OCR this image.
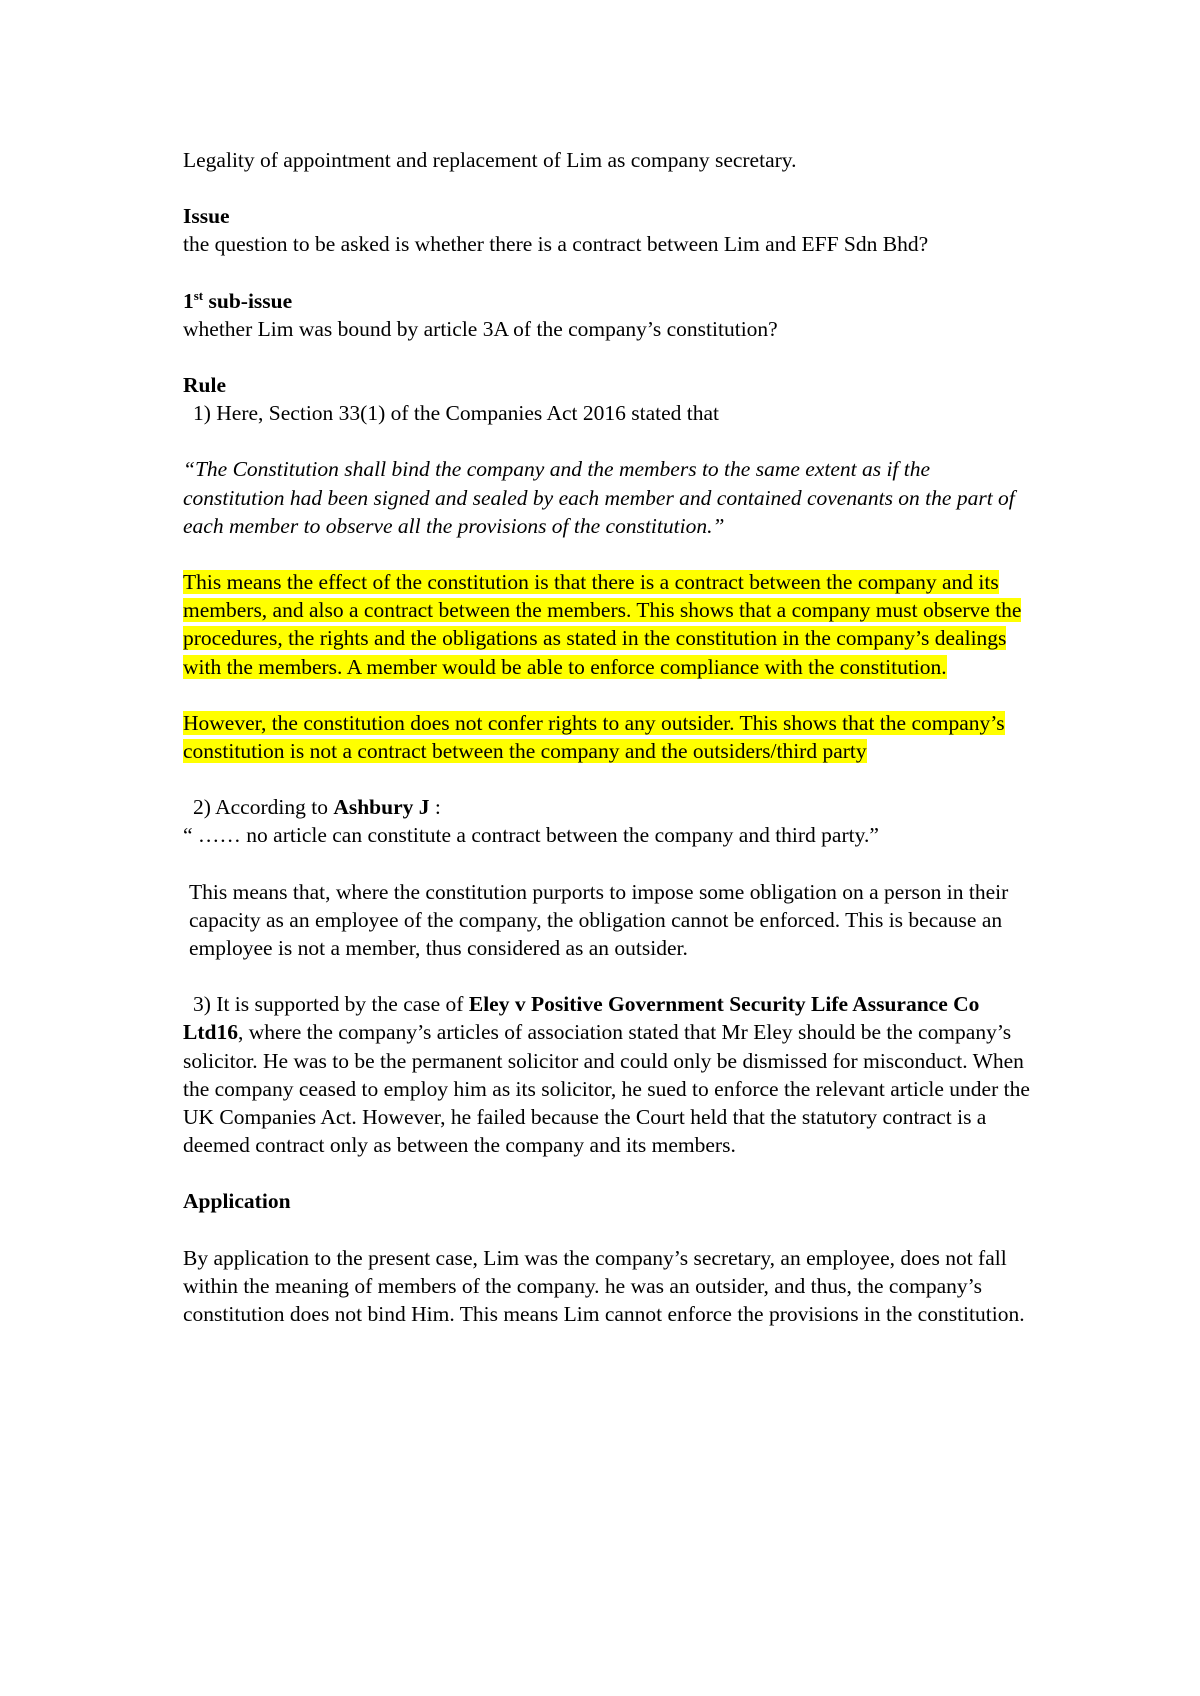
Legality of appointment and replacement of Lim as company secretary.

Issue

the question to be asked is whether there is a contract between Lim and EFF Sdn Bhd?

1st sub-issue

whether Lim was bound by article 3A of the company’s constitution?

Rule

1) Here, Section 33(1) of the Companies Act 2016 stated that

“The Constitution shall bind the company and the members to the same extent as if the constitution had been signed and sealed by each member and contained covenants on the part of each member to observe all the provisions of the constitution.”

This means the effect of the constitution is that there is a contract between the company and its members, and also a contract between the members. This shows that a company must observe the procedures, the rights and the obligations as stated in the constitution in the company’s dealings with the members. A member would be able to enforce compliance with the constitution.

However, the constitution does not confer rights to any outsider. This shows that the company’s constitution is not a contract between the company and the outsiders/third party

2) According to Ashbury J :

“ …… no article can constitute a contract between the company and third party.”

This means that, where the constitution purports to impose some obligation on a person in their capacity as an employee of the company, the obligation cannot be enforced. This is because an employee is not a member, thus considered as an outsider.

3) It is supported by the case of Eley v Positive Government Security Life Assurance Co Ltd16, where the company’s articles of association stated that Mr Eley should be the company’s solicitor. He was to be the permanent solicitor and could only be dismissed for misconduct. When the company ceased to employ him as its solicitor, he sued to enforce the relevant article under the UK Companies Act. However, he failed because the Court held that the statutory contract is a deemed contract only as between the company and its members.

Application

By application to the present case, Lim was the company’s secretary, an employee, does not fall within the meaning of members of the company. he was an outsider, and thus, the company’s constitution does not bind Him. This means Lim cannot enforce the provisions in the constitution.
